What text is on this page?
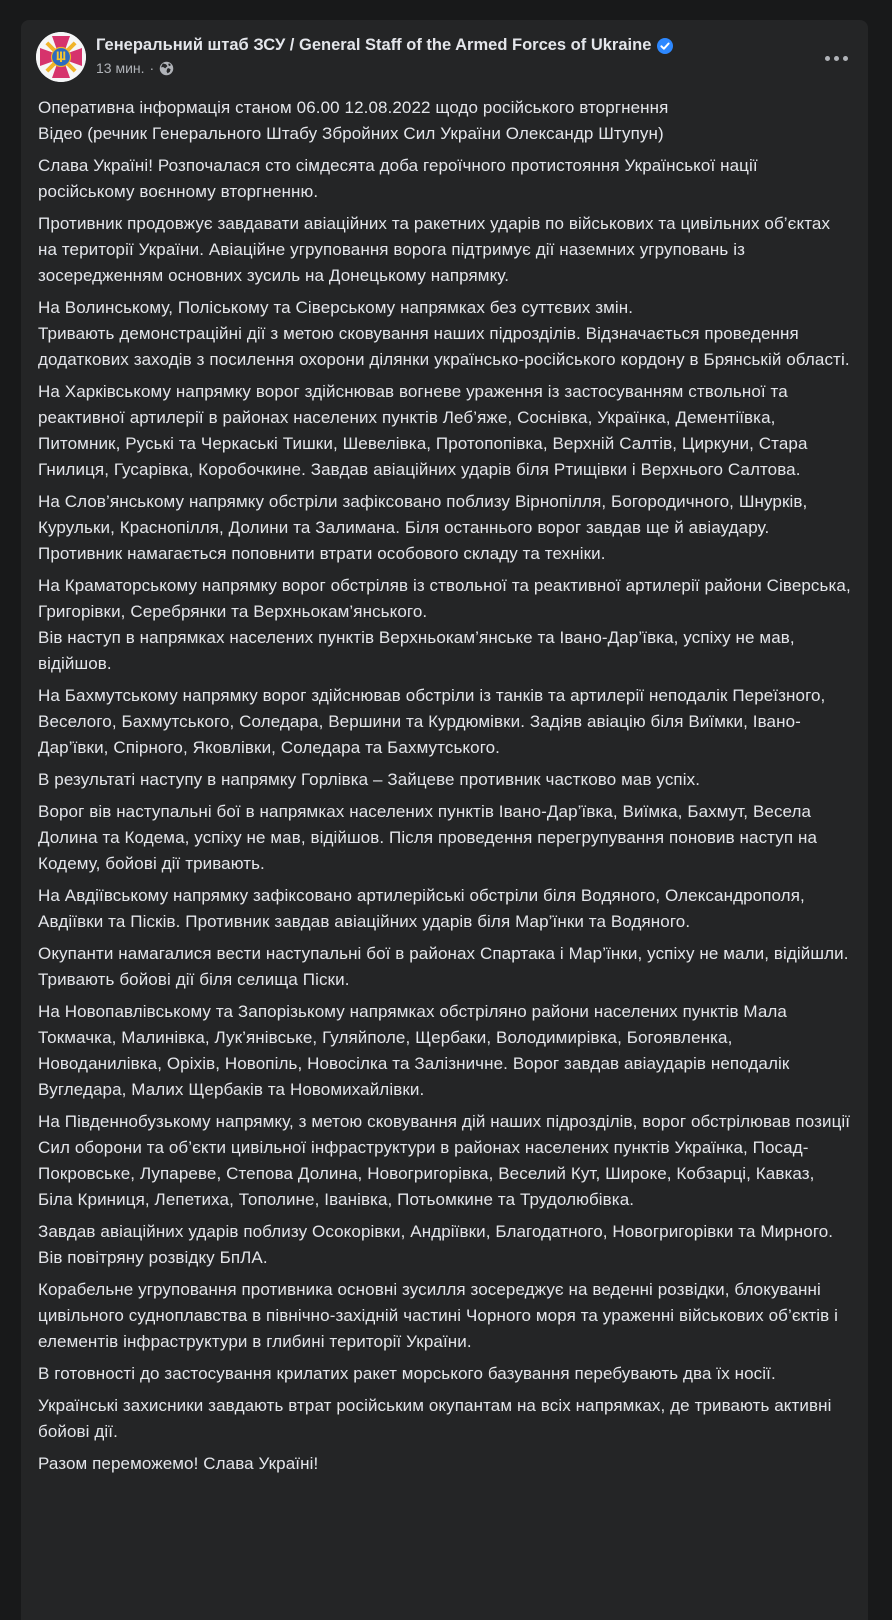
Генеральний штаб ЗСУ / General Staff of the Armed Forces of Ukraine
13 мин. ·
Оперативна інформація станом 06.00 12.08.2022 щодо російського вторгнення
Відео (речник Генерального Штабу Збройних Сил України Олександр Штупун)
Слава Україні! Розпочалася сто сімдесята доба героїчного протистояння Української нації російському воєнному вторгненню.
Противник продовжує завдавати авіаційних та ракетних ударів по військових та цивільних об’єктах на території України. Авіаційне угруповання ворога підтримує дії наземних угруповань із зосередженням основних зусиль на Донецькому напрямку.
На Волинському, Поліському та Сіверському напрямках без суттєвих змін.
Тривають демонстраційні дії з метою сковування наших підрозділів. Відзначається проведення додаткових заходів з посилення охорони ділянки українсько-російського кордону в Брянській області.
На Харківському напрямку ворог здійснював вогневе ураження із застосуванням ствольної та реактивної артилерії в районах населених пунктів Леб’яже, Соснівка, Українка, Дементіївка, Питомник, Руські та Черкаські Тишки, Шевелівка, Протопопівка, Верхній Салтів, Циркуни, Стара Гнилиця, Гусарівка, Коробочкине. Завдав авіаційних ударів біля Ртищівки і Верхнього Салтова.
На Слов’янському напрямку обстріли зафіксовано поблизу Вірнопілля, Богородичного, Шнурків, Курульки, Краснопілля, Долини та Залимана. Біля останнього ворог завдав ще й авіаудару. Противник намагається поповнити втрати особового складу та техніки.
На Краматорському напрямку ворог обстріляв із ствольної та реактивної артилерії райони Сіверська, Григорівки, Серебрянки та Верхньокам’янського.
Вів наступ в напрямках населених пунктів Верхньокам’янське та Івано-Дар’ївка, успіху не мав, відійшов.
На Бахмутському напрямку ворог здійснював обстріли із танків та артилерії неподалік Переїзного, Веселого, Бахмутського, Соледара, Вершини та Курдюмівки. Задіяв авіацію біля Виїмки, Івано-Дар’ївки, Спірного, Яковлівки, Соледара та Бахмутського.
В результаті наступу в напрямку Горлівка – Зайцеве противник частково мав успіх.
Ворог вів наступальні бої в напрямках населених пунктів Івано-Дар’ївка, Виїмка, Бахмут, Весела Долина та Кодема, успіху не мав, відійшов. Після проведення перегрупування поновив наступ на Кодему, бойові дії тривають.
На Авдіївському напрямку зафіксовано артилерійські обстріли біля Водяного, Олександрополя, Авдіївки та Пісків. Противник завдав авіаційних ударів біля Мар’їнки та Водяного.
Окупанти намагалися вести наступальні бої в районах Спартака і Мар’їнки, успіху не мали, відійшли. Тривають бойові дії біля селища Піски.
На Новопавлівському та Запорізькому напрямках обстріляно райони населених пунктів Мала Токмачка, Малинівка, Лук’янівське, Гуляйполе, Щербаки, Володимирівка, Богоявленка, Новоданилівка, Оріхів, Новопіль, Новосілка та Залізничне. Ворог завдав авіаударів неподалік Вугледара, Малих Щербаків та Новомихайлівки.
На Південнобузькому напрямку, з метою сковування дій наших підрозділів, ворог обстрілював позиції Сил оборони та об’єкти цивільної інфраструктури в районах населених пунктів Українка, Посад-Покровське, Лупареве, Степова Долина, Новогригорівка, Веселий Кут, Широке, Кобзарці, Кавказ, Біла Криниця, Лепетиха, Тополине, Іванівка, Потьомкине та Трудолюбівка.
Завдав авіаційних ударів поблизу Осокорівки, Андріївки, Благодатного, Новогригорівки та Мирного. Вів повітряну розвідку БпЛА.
Корабельне угруповання противника основні зусилля зосереджує на веденні розвідки, блокуванні цивільного судноплавства в північно-західній частині Чорного моря та ураженні військових об’єктів і елементів інфраструктури в глибині території України.
В готовності до застосування крилатих ракет морського базування перебувають два їх носії.
Українські захисники завдають втрат російським окупантам на всіх напрямках, де тривають активні бойові дії.
Разом переможемо! Слава Україні!
